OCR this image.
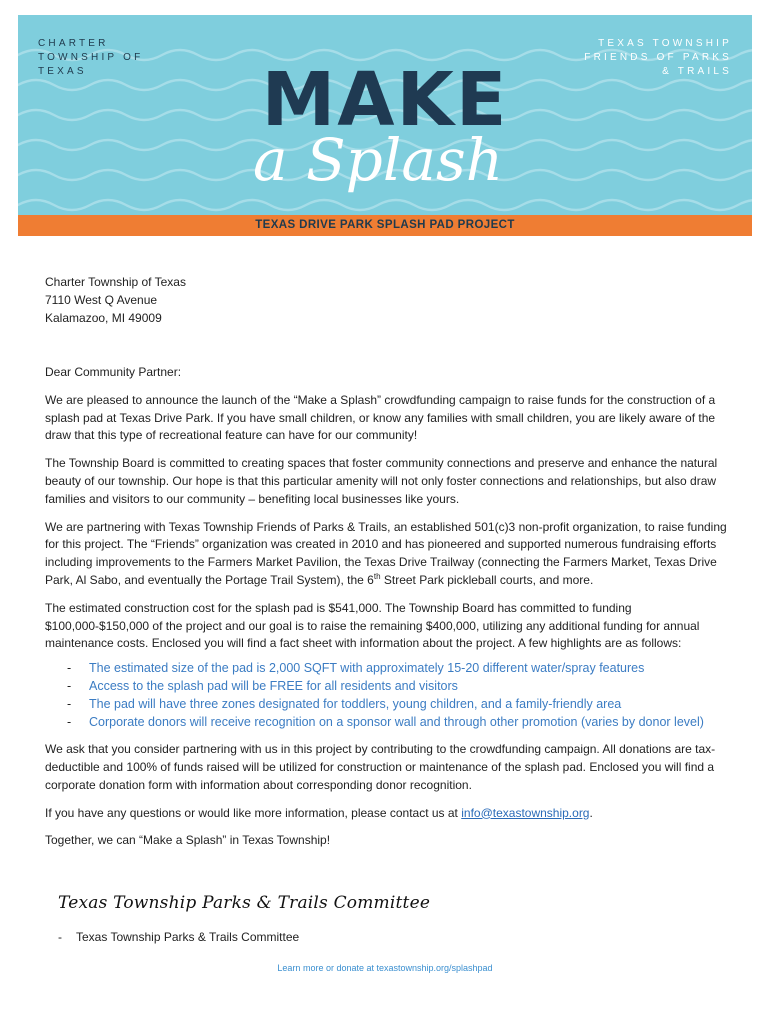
CHARTER
TOWNSHIP OF
TEXAS
TEXAS TOWNSHIP
FRIENDS OF PARKS
& TRAILS
MAKE
a Splash
TEXAS DRIVE PARK SPLASH PAD PROJECT
Charter Township of Texas
7110 West Q Avenue
Kalamazoo, MI 49009

Dear Community Partner:

We are pleased to announce the launch of the “Make a Splash” crowdfunding campaign to raise funds for the construction of a splash pad at Texas Drive Park. If you have small children, or know any families with small children, you are likely aware of the draw that this type of recreational feature can have for our community!

The Township Board is committed to creating spaces that foster community connections and preserve and enhance the natural beauty of our township. Our hope is that this particular amenity will not only foster connections and relationships, but also draw families and visitors to our community – benefiting local businesses like yours.

We are partnering with Texas Township Friends of Parks & Trails, an established 501(c)3 non-profit organization, to raise funding for this project. The “Friends” organization was created in 2010 and has pioneered and supported numerous fundraising efforts including improvements to the Farmers Market Pavilion, the Texas Drive Trailway (connecting the Farmers Market, Texas Drive Park, Al Sabo, and eventually the Portage Trail System), the 6th Street Park pickleball courts, and more.

The estimated construction cost for the splash pad is $541,000. The Township Board has committed to funding $100,000-$150,000 of the project and our goal is to raise the remaining $400,000, utilizing any additional funding for annual maintenance costs. Enclosed you will find a fact sheet with information about the project. A few highlights are as follows:

- The estimated size of the pad is 2,000 SQFT with approximately 15-20 different water/spray features
- Access to the splash pad will be FREE for all residents and visitors
- The pad will have three zones designated for toddlers, young children, and a family-friendly area
- Corporate donors will receive recognition on a sponsor wall and through other promotion (varies by donor level)

We ask that you consider partnering with us in this project by contributing to the crowdfunding campaign. All donations are tax-deductible and 100% of funds raised will be utilized for construction or maintenance of the splash pad. Enclosed you will find a corporate donation form with information about corresponding donor recognition.

If you have any questions or would like more information, please contact us at info@texastownship.org.

Together, we can “Make a Splash” in Texas Township!

Texas Township Parks & Trails Committee
- Texas Township Parks & Trails Committee
Learn more or donate at texastownship.org/splashpad
